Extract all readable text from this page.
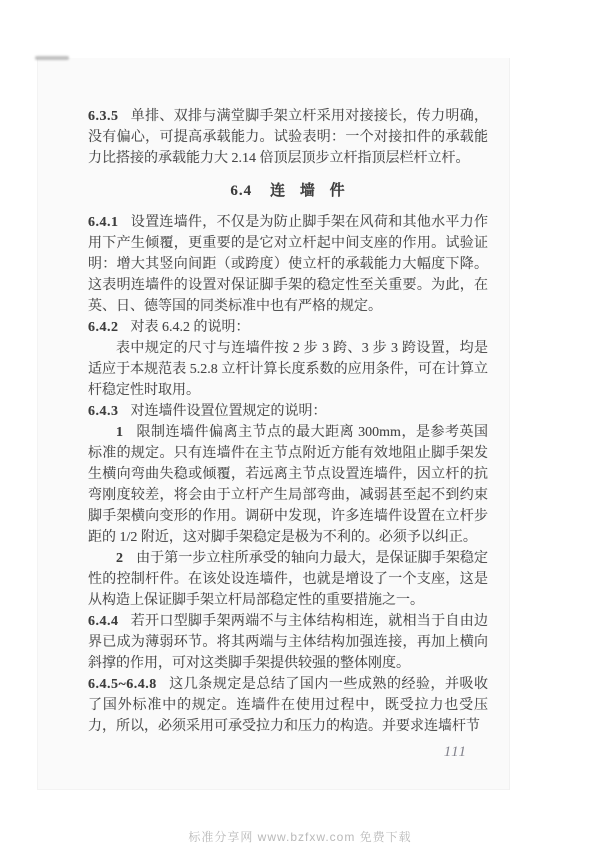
6.3.5 单排、双排与满堂脚手架立杆采用对接接长，传力明确，没有偏心，可提高承载能力。试验表明：一个对接扣件的承载能力比搭接的承载能力大 2.14 倍顶层顶步立杆指顶层栏杆立杆。

6.4 连 墙 件

6.4.1 设置连墙件，不仅是为防止脚手架在风荷和其他水平力作用下产生倾覆，更重要的是它对立杆起中间支座的作用。试验证明：增大其竖向间距（或跨度）使立杆的承载能力大幅度下降。这表明连墙件的设置对保证脚手架的稳定性至关重要。为此，在英、日、德等国的同类标准中也有严格的规定。

6.4.2 对表 6.4.2 的说明：

表中规定的尺寸与连墙件按 2 步 3 跨、3 步 3 跨设置，均是适应于本规范表 5.2.8 立杆计算长度系数的应用条件，可在计算立杆稳定性时取用。

6.4.3 对连墙件设置位置规定的说明：

1 限制连墙件偏离主节点的最大距离 300mm，是参考英国标准的规定。只有连墙件在主节点附近方能有效地阻止脚手架发生横向弯曲失稳或倾覆，若远离主节点设置连墙件，因立杆的抗弯刚度较差，将会由于立杆产生局部弯曲，减弱甚至起不到约束脚手架横向变形的作用。调研中发现，许多连墙件设置在立杆步距的 1/2 附近，这对脚手架稳定是极为不利的。必须予以纠正。

2 由于第一步立柱所承受的轴向力最大，是保证脚手架稳定性的控制杆件。在该处设连墙件，也就是增设了一个支座，这是从构造上保证脚手架立杆局部稳定性的重要措施之一。

6.4.4 若开口型脚手架两端不与主体结构相连，就相当于自由边界已成为薄弱环节。将其两端与主体结构加强连接，再加上横向斜撑的作用，可对这类脚手架提供较强的整体刚度。

6.4.5~6.4.8 这几条规定是总结了国内一些成熟的经验，并吸收了国外标准中的规定。连墙件在使用过程中，既受拉力也受压力，所以，必须采用可承受拉力和压力的构造。并要求连墙杆节

111
标准分享网 www.bzfxw.com 免费下载
